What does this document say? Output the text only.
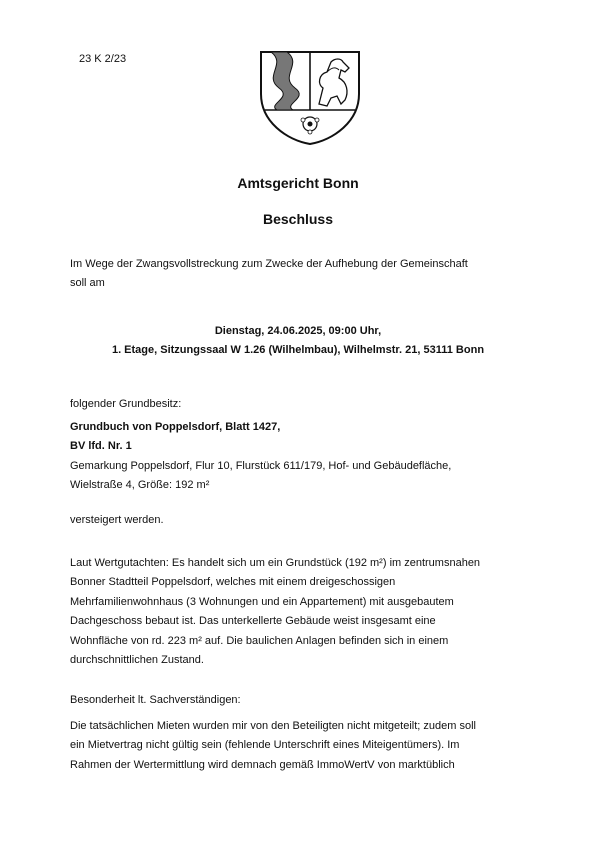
23 K 2/23
Amtsgericht Bonn
Beschluss

Im Wege der Zwangsvollstreckung zum Zwecke der Aufhebung der Gemeinschaft

soll am

Dienstag, 24.06.2025, 09:00 Uhr,

1. Etage, Sitzungssaal W 1.26 (Wilhelmbau), Wilhelmstr. 21, 53111 Bonn

folgender Grundbesitz:

Grundbuch von Poppelsdorf, Blatt 1427,

BV lfd. Nr. 1

Gemarkung Poppelsdorf, Flur 10, Flurstück 611/179, Hof- und Gebäudefläche,

Wielstraße 4, Größe: 192 m²

versteigert werden.

Laut Wertgutachten: Es handelt sich um ein Grundstück (192 m²) im zentrumsnahen

Bonner Stadtteil Poppelsdorf, welches mit einem dreigeschossigen

Mehrfamilienwohnhaus (3 Wohnungen und ein Appartement) mit ausgebautem

Dachgeschoss bebaut ist. Das unterkellerte Gebäude weist insgesamt eine

Wohnfläche von rd. 223 m² auf. Die baulichen Anlagen befinden sich in einem

durchschnittlichen Zustand.

Besonderheit lt. Sachverständigen:

Die tatsächlichen Mieten wurden mir von den Beteiligten nicht mitgeteilt; zudem soll

ein Mietvertrag nicht gültig sein (fehlende Unterschrift eines Miteigentümers). Im

Rahmen der Wertermittlung wird demnach gemäß ImmoWertV von marktüblich
